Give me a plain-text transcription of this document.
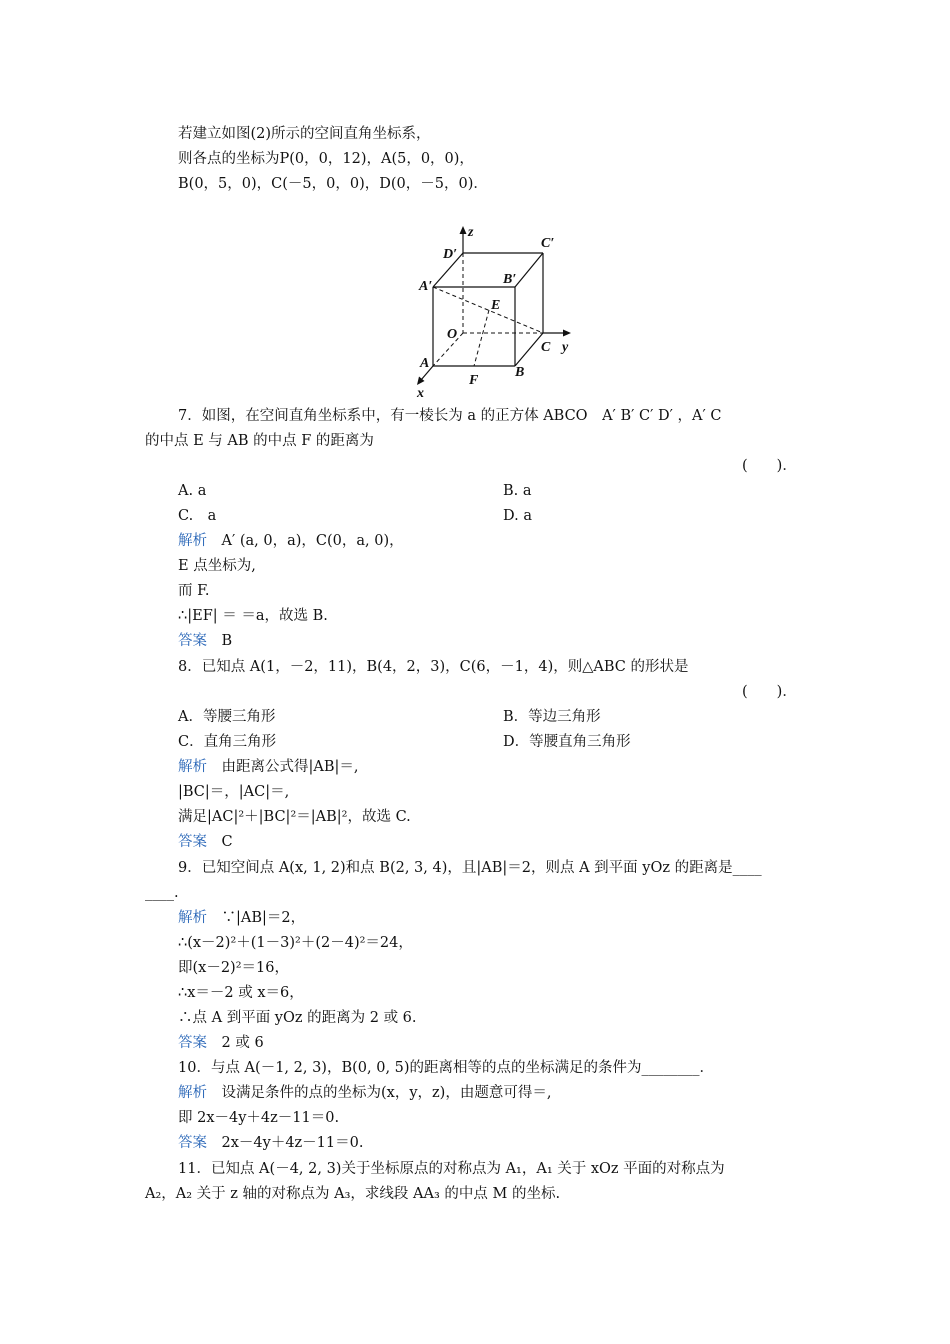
若建立如图(2)所示的空间直角坐标系，
则各点的坐标为P(0，0，12)，A(5，0，0)，
B(0，5，0)，C(－5，0，0)，D(0，－5，0)．
z
y
x
D′
C′
B′
A′
E
O
C
A
F
B
7．如图，在空间直角坐标系中，有一棱长为 a 的正方体 ABCO　A′ B′ C′ D′ ，A′ C
的中点 E 与 AB 的中点 F 的距离为
(　　)．
A. a	B. a
C.　a	D. a
解析　A′ (a, 0，a)，C(0，a, 0)，
E 点坐标为,
而 F.
∴|EF| ＝ ＝a，故选 B.
答案　B
8．已知点 A(1，－2，11)，B(4，2，3)，C(6，－1，4)，则△ABC 的形状是
(　　)．
A．等腰三角形	B．等边三角形
C．直角三角形	D．等腰直角三角形
解析　由距离公式得|AB|＝,
|BC|＝，|AC|＝,
满足|AC|²＋|BC|²＝|AB|²，故选 C.
答案　C
9．已知空间点 A(x, 1, 2)和点 B(2, 3, 4)，且|AB|＝2，则点 A 到平面 yOz 的距离是____
____.
解析　∵|AB|＝2，
∴(x－2)²＋(1－3)²＋(2－4)²＝24，
即(x－2)²＝16，
∴x＝－2 或 x＝6，
∴点 A 到平面 yOz 的距离为 2 或 6.
答案　2 或 6
10．与点 A(－1, 2, 3)，B(0, 0, 5)的距离相等的点的坐标满足的条件为________．
解析　设满足条件的点的坐标为(x，y，z)，由题意可得＝,
即 2x－4y＋4z－11＝0.
答案　2x－4y＋4z－11＝0.
11．已知点 A(－4, 2, 3)关于坐标原点的对称点为 A₁，A₁ 关于 xOz 平面的对称点为
A₂，A₂ 关于 z 轴的对称点为 A₃，求线段 AA₃ 的中点 M 的坐标.
